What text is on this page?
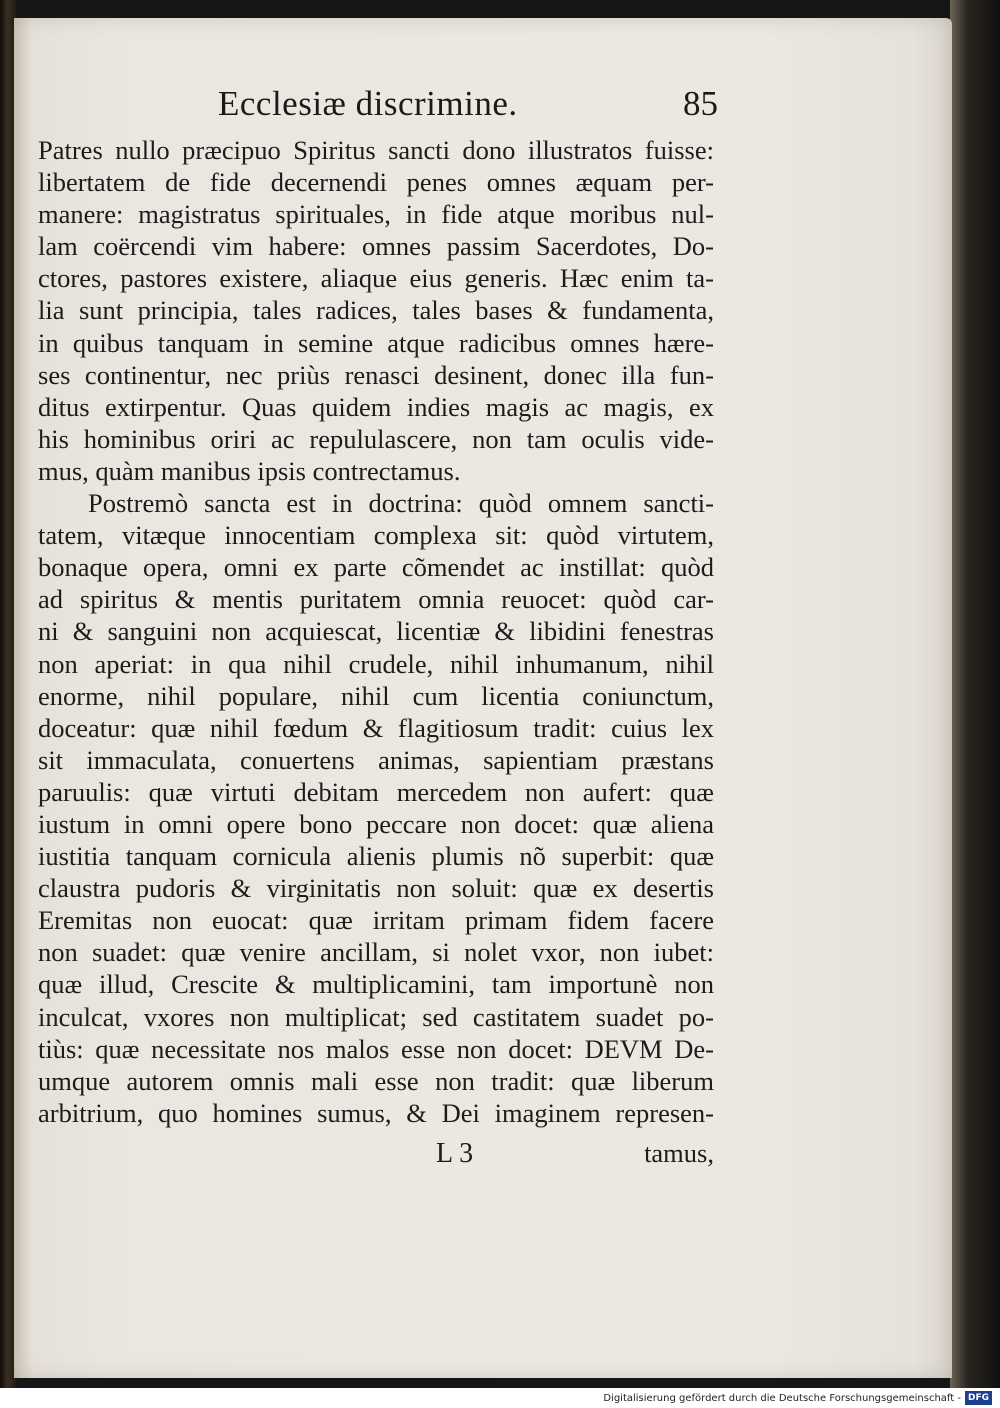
Ecclesiæ discrimine.	85
Patres nullo præcipuo Spiritus sancti dono illustratos fuisse:
libertatem de fide decernendi penes omnes æquam per-
manere: magistratus spirituales, in fide atque moribus nul-
lam coërcendi vim habere: omnes passim Sacerdotes, Do-
ctores, pastores existere, aliaque eius generis. Hæc enim ta-
lia sunt principia, tales radices, tales bases & fundamenta,
in quibus tanquam in semine atque radicibus omnes hære-
ses continentur, nec priùs renasci desinent, donec illa fun-
ditus extirpentur. Quas quidem indies magis ac magis, ex
his hominibus oriri ac repululascere, non tam oculis vide-
mus, quàm manibus ipsis contrectamus.
Postremò sancta est in doctrina: quòd omnem sancti-
tatem, vitæque innocentiam complexa sit: quòd virtutem,
bonaque opera, omni ex parte cõmendet ac instillat: quòd
ad spiritus & mentis puritatem omnia reuocet: quòd car-
ni & sanguini non acquiescat, licentiæ & libidini fenestras
non aperiat: in qua nihil crudele, nihil inhumanum, nihil
enorme, nihil populare, nihil cum licentia coniunctum,
doceatur: quæ nihil fœdum & flagitiosum tradit: cuius lex
sit immaculata, conuertens animas, sapientiam præstans
paruulis: quæ virtuti debitam mercedem non aufert: quæ
iustum in omni opere bono peccare non docet: quæ aliena
iustitia tanquam cornicula alienis plumis nõ superbit: quæ
claustra pudoris & virginitatis non soluit: quæ ex desertis
Eremitas non euocat: quæ irritam primam fidem facere
non suadet: quæ venire ancillam, si nolet vxor, non iubet:
quæ illud, Crescite & multiplicamini, tam importunè non
inculcat, vxores non multiplicat; sed castitatem suadet po-
tiùs: quæ necessitate nos malos esse non docet: DEVM De-
umque autorem omnis mali esse non tradit: quæ liberum
arbitrium, quo homines sumus, & Dei imaginem represen-
L 3	tamus,
Digitalisierung gefördert durch die Deutsche Forschungsgemeinschaft - DFG
